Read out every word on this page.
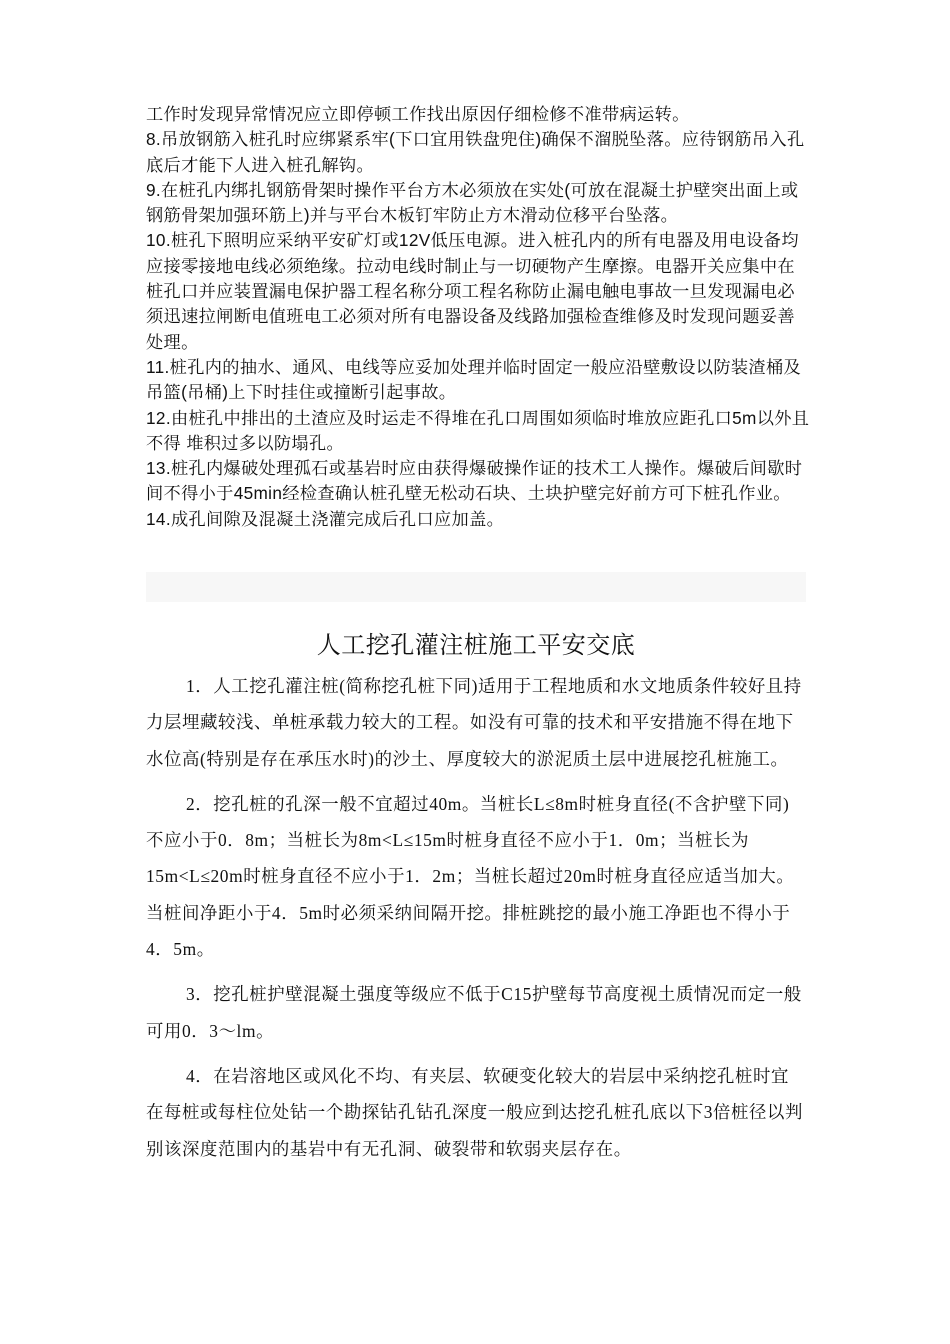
工作时发现异常情况应立即停顿工作找出原因仔细检修不准带病运转。

8.吊放钢筋入桩孔时应绑紧系牢(下口宜用铁盘兜住)确保不溜脱坠落。应待钢筋吊入孔底后才能下人进入桩孔解钩。

9.在桩孔内绑扎钢筋骨架时操作平台方木必须放在实处(可放在混凝土护壁突出面上或钢筋骨架加强环筋上)并与平台木板钉牢防止方木滑动位移平台坠落。

10.桩孔下照明应采纳平安矿灯或12V低压电源。进入桩孔内的所有电器及用电设备均应接零接地电线必须绝缘。拉动电线时制止与一切硬物产生摩擦。电器开关应集中在桩孔口并应装置漏电保护器工程名称分项工程名称防止漏电触电事故一旦发现漏电必须迅速拉闸断电值班电工必须对所有电器设备及线路加强检查维修及时发现问题妥善处理。

11.桩孔内的抽水、通风、电线等应妥加处理并临时固定一般应沿壁敷设以防装渣桶及吊篮(吊桶)上下时挂住或撞断引起事故。

12.由桩孔中排出的土渣应及时运走不得堆在孔口周围如须临时堆放应距孔口5m以外且不得 堆积过多以防塌孔。

13.桩孔内爆破处理孤石或基岩时应由获得爆破操作证的技术工人操作。爆破后间歇时间不得小于45min经检查确认桩孔壁无松动石块、土块护壁完好前方可下桩孔作业。

14.成孔间隙及混凝土浇灌完成后孔口应加盖。

人工挖孔灌注桩施工平安交底

1．人工挖孔灌注桩(简称挖孔桩下同)适用于工程地质和水文地质条件较好且持力层埋藏较浅、单桩承载力较大的工程。如没有可靠的技术和平安措施不得在地下水位高(特别是存在承压水时)的沙土、厚度较大的淤泥质土层中进展挖孔桩施工。

2．挖孔桩的孔深一般不宜超过40m。当桩长L≤8m时桩身直径(不含护壁下同)不应小于0．8m；当桩长为8m<L≤15m时桩身直径不应小于1．0m；当桩长为15m<L≤20m时桩身直径不应小于1．2m；当桩长超过20m时桩身直径应适当加大。当桩间净距小于4．5m时必须采纳间隔开挖。排桩跳挖的最小施工净距也不得小于4．5m。

3．挖孔桩护壁混凝土强度等级应不低于C15护壁每节高度视土质情况而定一般可用0．3～lm。

4．在岩溶地区或风化不均、有夹层、软硬变化较大的岩层中采纳挖孔桩时宜在每桩或每柱位处钻一个勘探钻孔钻孔深度一般应到达挖孔桩孔底以下3倍桩径以判别该深度范围内的基岩中有无孔洞、破裂带和软弱夹层存在。
